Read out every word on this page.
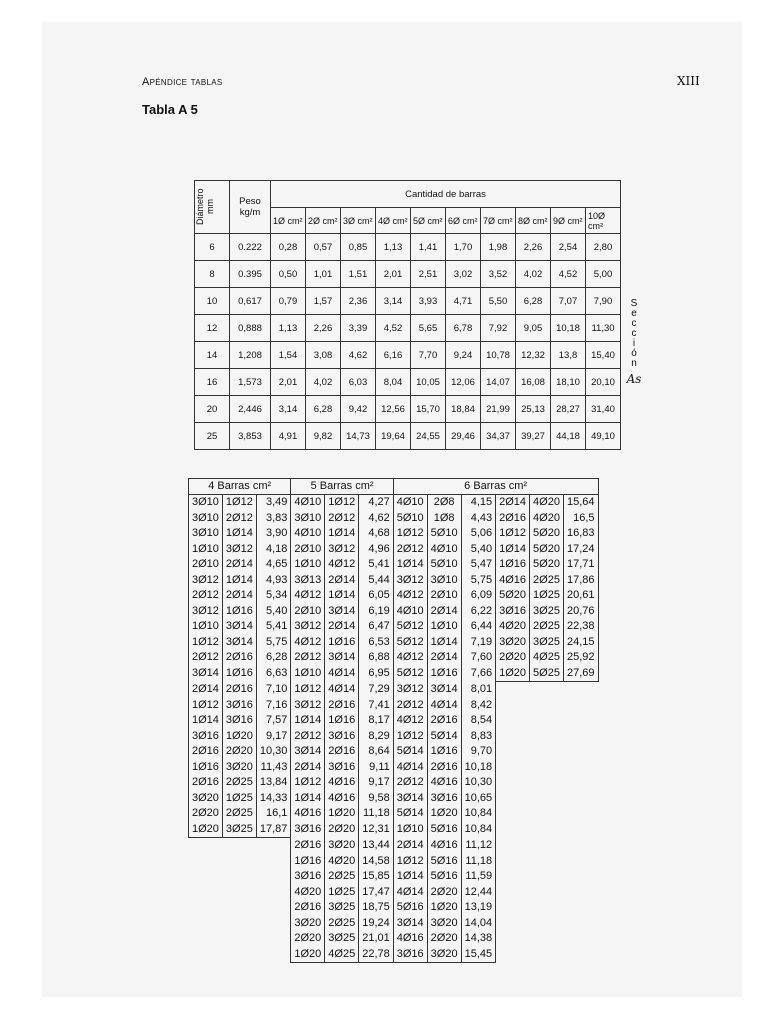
Apéndice tablas	XIII
Tabla A 5
Diámetro mm	Peso kg/m	Cantidad de barras										
		1Ø cm²	2Ø cm²	3Ø cm²	4Ø cm²	5Ø cm²	6Ø cm²	7Ø cm²	8Ø cm²	9Ø cm²	10Ø cm²	
6	0.222	0,28	0,57	0,85	1,13	1,41	1,70	1,98	2,26	2,54	2,80	Sección
As

8	0.395	0,50	1,01	1,51	2,01	2,51	3,02	3,52	4,02	4,52	5,00	
10	0,617	0,79	1,57	2,36	3,14	3,93	4,71	5,50	6,28	7,07	7,90	
12	0,888	1,13	2,26	3,39	4,52	5,65	6,78	7,92	9,05	10,18	11,30	
14	1,208	1,54	3,08	4,62	6,16	7,70	9,24	10,78	12,32	13,8	15,40	
16	1,573	2,01	4,02	6,03	8,04	10,05	12,06	14,07	16,08	18,10	20,10	
20	2,446	3,14	6,28	9,42	12,56	15,70	18,84	21,99	25,13	28,27	31,40	
25	3,853	4,91	9,82	14,73	19,64	24,55	29,46	34,37	39,27	44,18	49,10	
4 Barras cm²			5 Barras cm²			6 Barras cm²					
3Ø10	1Ø12	3,49	4Ø10	1Ø12	4,27	4Ø10	2Ø8	4,15	2Ø14	4Ø20	15,64
3Ø10	2Ø12	3,83	3Ø10	2Ø12	4,62	5Ø10	1Ø8	4,43	2Ø16	4Ø20	16,5
3Ø10	1Ø14	3,90	4Ø10	1Ø14	4,68	1Ø12	5Ø10	5,06	1Ø12	5Ø20	16,83
1Ø10	3Ø12	4,18	2Ø10	3Ø12	4,96	2Ø12	4Ø10	5,40	1Ø14	5Ø20	17,24
2Ø10	2Ø14	4,65	1Ø10	4Ø12	5,41	1Ø14	5Ø10	5,47	1Ø16	5Ø20	17,71
3Ø12	1Ø14	4,93	3Ø13	2Ø14	5,44	3Ø12	3Ø10	5,75	4Ø16	2Ø25	17,86
2Ø12	2Ø14	5,34	4Ø12	1Ø14	6,05	4Ø12	2Ø10	6,09	5Ø20	1Ø25	20,61
3Ø12	1Ø16	5,40	2Ø10	3Ø14	6,19	4Ø10	2Ø14	6,22	3Ø16	3Ø25	20,76
1Ø10	3Ø14	5,41	3Ø12	2Ø14	6,47	5Ø12	1Ø10	6,44	4Ø20	2Ø25	22,38
1Ø12	3Ø14	5,75	4Ø12	1Ø16	6,53	5Ø12	1Ø14	7,19	3Ø20	3Ø25	24,15
2Ø12	2Ø16	6,28	2Ø12	3Ø14	6,88	4Ø12	2Ø14	7,60	2Ø20	4Ø25	25,92
3Ø14	1Ø16	6,63	1Ø10	4Ø14	6,95	5Ø12	1Ø16	7,66	1Ø20	5Ø25	27,69
2Ø14	2Ø16	7,10	1Ø12	4Ø14	7,29	3Ø12	3Ø14	8,01			
1Ø12	3Ø16	7,16	3Ø12	2Ø16	7,41	2Ø12	4Ø14	8,42			
1Ø14	3Ø16	7,57	1Ø14	1Ø16	8,17	4Ø12	2Ø16	8,54			
3Ø16	1Ø20	9,17	2Ø12	3Ø16	8,29	1Ø12	5Ø14	8,83			
2Ø16	2Ø20	10,30	3Ø14	2Ø16	8,64	5Ø14	1Ø16	9,70			
1Ø16	3Ø20	11,43	2Ø14	3Ø16	9,11	4Ø14	2Ø16	10,18			
2Ø16	2Ø25	13,84	1Ø12	4Ø16	9,17	2Ø12	4Ø16	10,30			
3Ø20	1Ø25	14,33	1Ø14	4Ø16	9,58	3Ø14	3Ø16	10,65			
2Ø20	2Ø25	16,1	4Ø16	1Ø20	11,18	5Ø14	1Ø20	10,84			
1Ø20	3Ø25	17,87	3Ø16	2Ø20	12,31	1Ø10	5Ø16	10,84			
			2Ø16	3Ø20	13,44	2Ø14	4Ø16	11,12			
			1Ø16	4Ø20	14,58	1Ø12	5Ø16	11,18			
			3Ø16	2Ø25	15,85	1Ø14	5Ø16	11,59			
			4Ø20	1Ø25	17,47	4Ø14	2Ø20	12,44			
			2Ø16	3Ø25	18,75	5Ø16	1Ø20	13,19			
			3Ø20	2Ø25	19,24	3Ø14	3Ø20	14,04			
			2Ø20	3Ø25	21,01	4Ø16	2Ø20	14,38			
			1Ø20	4Ø25	22,78	3Ø16	3Ø20	15,45			
